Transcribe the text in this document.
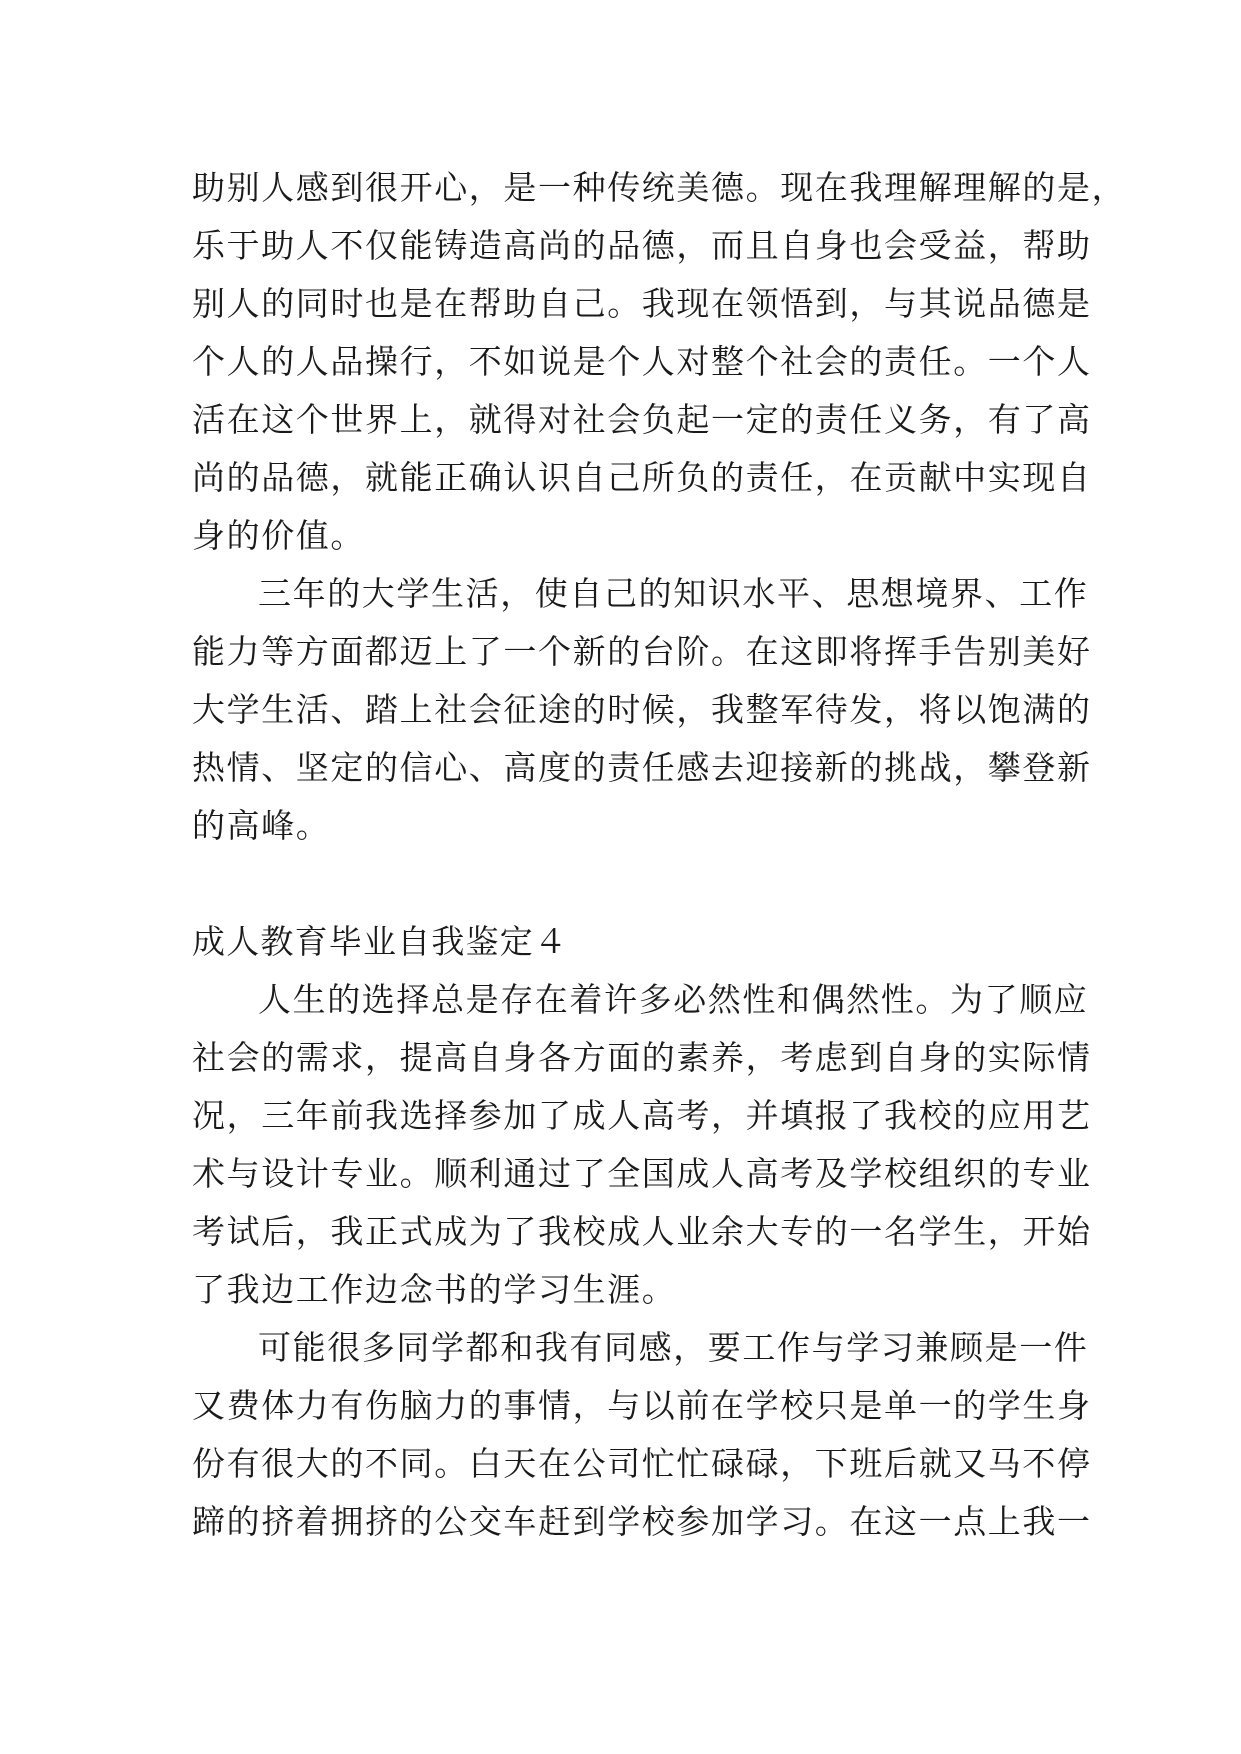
助别人感到很开心，是一种传统美德。现在我理解理解的是，
乐于助人不仅能铸造高尚的品德，而且自身也会受益，帮助
别人的同时也是在帮助自己。我现在领悟到，与其说品德是
个人的人品操行，不如说是个人对整个社会的责任。一个人
活在这个世界上，就得对社会负起一定的责任义务，有了高
尚的品德，就能正确认识自己所负的责任，在贡献中实现自
身的价值。
三年的大学生活，使自己的知识水平、思想境界、工作
能力等方面都迈上了一个新的台阶。在这即将挥手告别美好
大学生活、踏上社会征途的时候，我整军待发，将以饱满的
热情、坚定的信心、高度的责任感去迎接新的挑战，攀登新
的高峰。
成人教育毕业自我鉴定４
人生的选择总是存在着许多必然性和偶然性。为了顺应
社会的需求，提高自身各方面的素养，考虑到自身的实际情
况，三年前我选择参加了成人高考，并填报了我校的应用艺
术与设计专业。顺利通过了全国成人高考及学校组织的专业
考试后，我正式成为了我校成人业余大专的一名学生，开始
了我边工作边念书的学习生涯。
可能很多同学都和我有同感，要工作与学习兼顾是一件
又费体力有伤脑力的事情，与以前在学校只是单一的学生身
份有很大的不同。白天在公司忙忙碌碌，下班后就又马不停
蹄的挤着拥挤的公交车赶到学校参加学习。在这一点上我一
